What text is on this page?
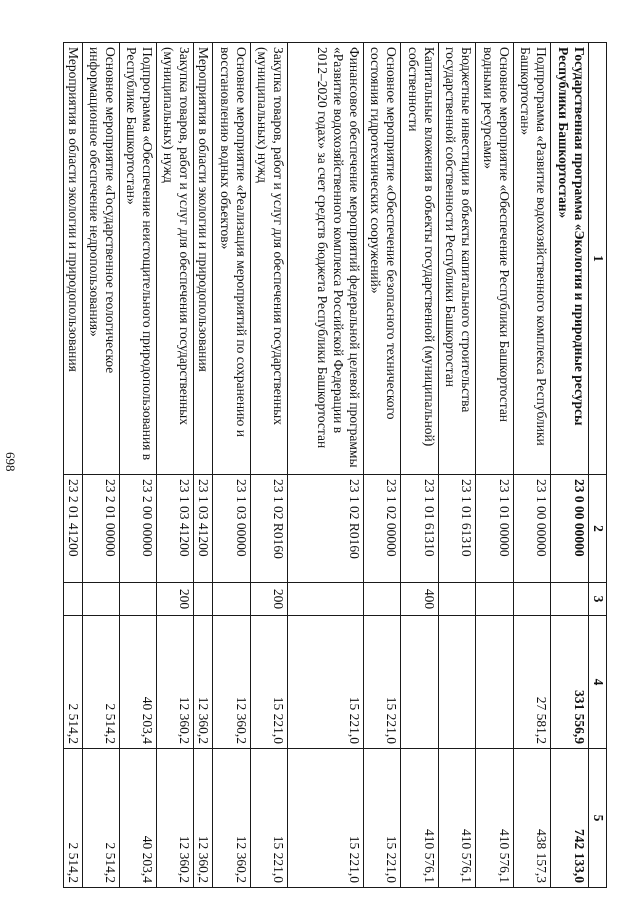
698
1	2	3	4	5
Государственная программа «Экология и природные ресурсы Республики Башкортостан»	23 0 00 00000		331 556,9	742 133,0
Подпрограмма «Развитие водохозяйственного комплекса Республики Башкортостан»	23 1 00 00000		27 581,2	438 157,3
Основное мероприятие «Обеспечение Республики Башкортостан водными ресурсами»	23 1 01 00000			410 576,1
Бюджетные инвестиции в объекты капитального строительства государственной собственности Республики Башкортостан	23 1 01 61310			410 576,1
Капитальные вложения в объекты государственной (муниципальной) собственности	23 1 01 61310	400		410 576,1
Основное мероприятие «Обеспечение безопасного технического состояния гидротехнических сооружений»	23 1 02 00000		15 221,0	15 221,0
Финансовое обеспечение мероприятий федеральной целевой программы «Развитие водохозяйственного комплекса Российской Федерации в 2012–2020 годах» за счет средств бюджета Республики Башкортостан	23 1 02 R0160		15 221,0	15 221,0
Закупка товаров, работ и услуг для обеспечения государственных (муниципальных) нужд	23 1 02 R0160	200	15 221,0	15 221,0
Основное мероприятие «Реализация мероприятий по сохранению и восстановлению водных объектов»	23 1 03 00000		12 360,2	12 360,2
Мероприятия в области экологии и природопользования	23 1 03 41200		12 360,2	12 360,2
Закупка товаров, работ и услуг для обеспечения государственных (муниципальных) нужд	23 1 03 41200	200	12 360,2	12 360,2
Подпрограмма «Обеспечение неистощительного природопользования в Республике Башкортостан»	23 2 00 00000		40 203,4	40 203,4
Основное мероприятие «Государственное геологическое информационное обеспечение недропользования»	23 2 01 00000		2 514,2	2 514,2
Мероприятия в области экологии и природопользования	23 2 01 41200		2 514,2	2 514,2
